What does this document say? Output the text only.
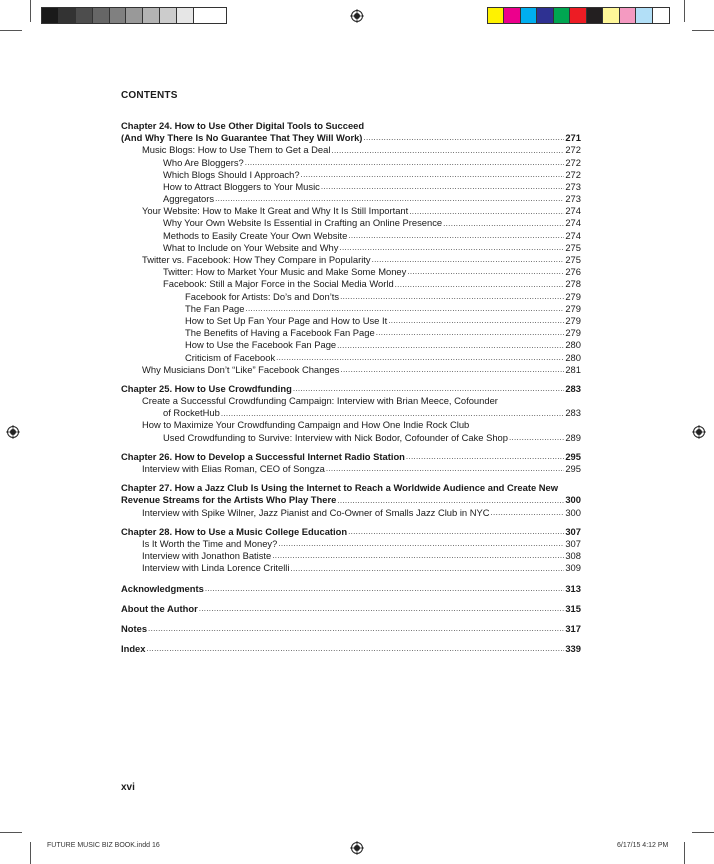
CONTENTS
Chapter 24. How to Use Other Digital Tools to Succeed
(And Why There Is No Guarantee That They Will Work) .....	271
Music Blogs: How to Use Them to Get a Deal .....	272
Who Are Bloggers? .....	272
Which Blogs Should I Approach? .....	272
How to Attract Bloggers to Your Music .....	273
Aggregators .....	273
Your Website: How to Make It Great and Why It Is Still Important .....	274
Why Your Own Website Is Essential in Crafting an Online Presence .....	274
Methods to Easily Create Your Own Website .....	274
What to Include on Your Website and Why .....	275
Twitter vs. Facebook: How They Compare in Popularity .....	275
Twitter: How to Market Your Music and Make Some Money .....	276
Facebook: Still a Major Force in the Social Media World .....	278
Facebook for Artists: Do’s and Don’ts .....	279
The Fan Page .....	279
How to Set Up Fan Your Page and How to Use It .....	279
The Benefits of Having a Facebook Fan Page .....	279
How to Use the Facebook Fan Page .....	280
Criticism of Facebook .....	280
Why Musicians Don’t “Like” Facebook Changes .....	281
Chapter 25. How to Use Crowdfunding .....	283
Create a Successful Crowdfunding Campaign: Interview with Brian Meece, Cofounder
of RocketHub .....	283
How to Maximize Your Crowdfunding Campaign and How One Indie Rock Club
Used Crowdfunding to Survive: Interview with Nick Bodor, Cofounder of Cake Shop .....	289
Chapter 26. How to Develop a Successful Internet Radio Station .....	295
Interview with Elias Roman, CEO of Songza .....	295
Chapter 27. How a Jazz Club Is Using the Internet to Reach a Worldwide Audience and Create New
Revenue Streams for the Artists Who Play There .....	300
Interview with Spike Wilner, Jazz Pianist and Co-Owner of Smalls Jazz Club in NYC .....	300
Chapter 28. How to Use a Music College Education .....	307
Is It Worth the Time and Money? .....	307
Interview with Jonathon Batiste .....	308
Interview with Linda Lorence Critelli .....	309
Acknowledgments .....	313
About the Author .....	315
Notes .....	317
Index .....	339
xvi
FUTURE MUSIC BIZ BOOK.indd 16	6/17/15 4:12 PM
